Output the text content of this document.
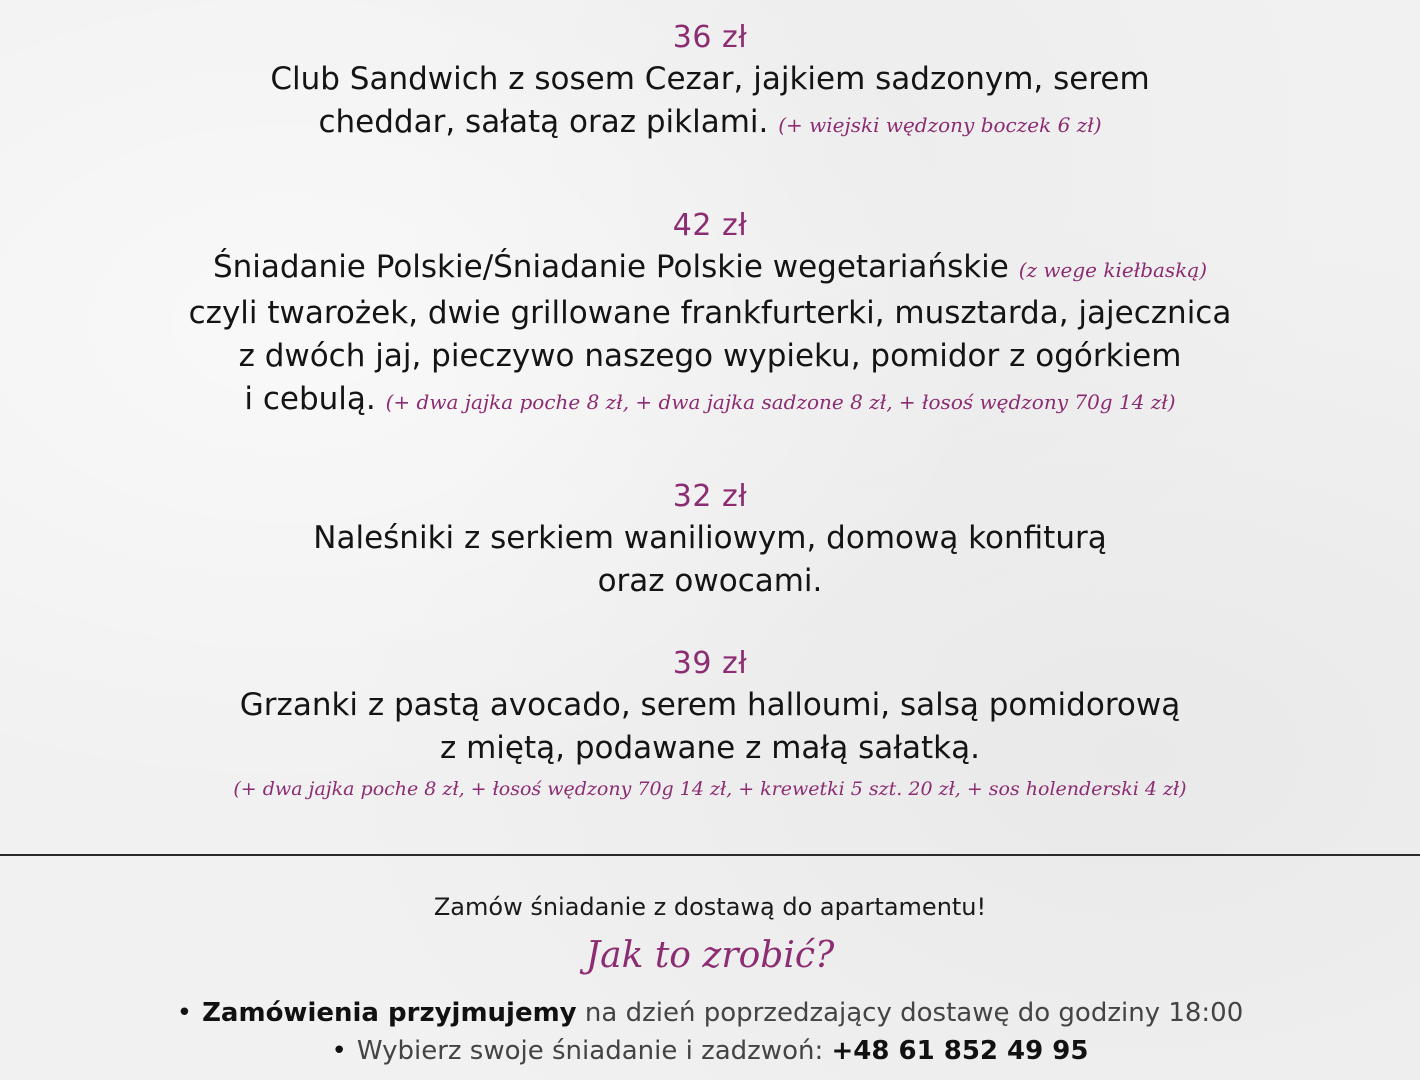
36 zł
Club Sandwich z sosem Cezar, jajkiem sadzonym, serem
cheddar, sałatą oraz piklami. (+ wiejski wędzony boczek 6 zł)
42 zł
Śniadanie Polskie/Śniadanie Polskie wegetariańskie (z wege kiełbaską)
czyli twarożek, dwie grillowane frankfurterki, musztarda, jajecznica
z dwóch jaj, pieczywo naszego wypieku, pomidor z ogórkiem
i cebulą. (+ dwa jajka poche 8 zł, + dwa jajka sadzone 8 zł, + łosoś wędzony 70g 14 zł)
32 zł
Naleśniki z serkiem waniliowym, domową konfiturą
oraz owocami.
39 zł
Grzanki z pastą avocado, serem halloumi, salsą pomidorową
z miętą, podawane z małą sałatką.
(+ dwa jajka poche 8 zł, + łosoś wędzony 70g 14 zł, + krewetki 5 szt. 20 zł, + sos holenderski 4 zł)
Zamów śniadanie z dostawą do apartamentu!
Jak to zrobić?
• Zamówienia przyjmujemy na dzień poprzedzający dostawę do godziny 18:00
• Wybierz swoje śniadanie i zadzwoń: +48 61 852 49 95
